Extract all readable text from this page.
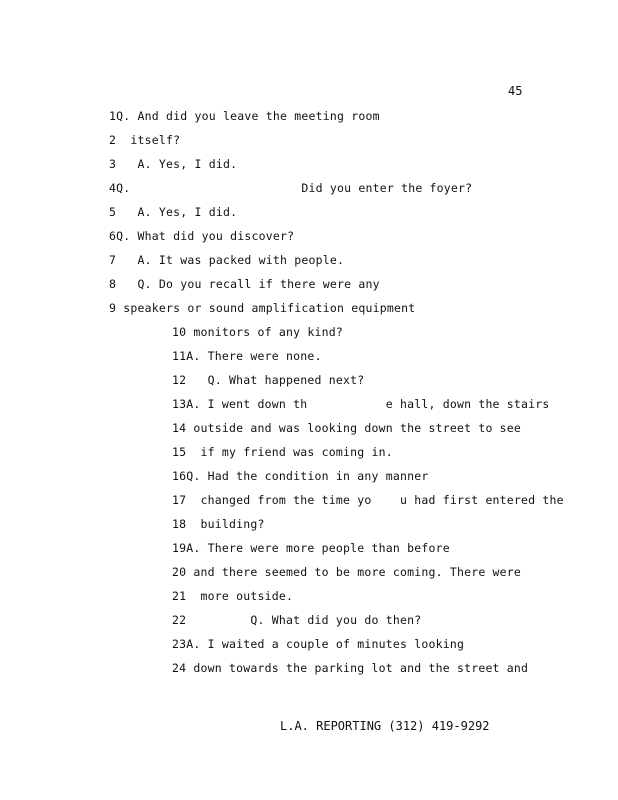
45
1Q. And did you leave the meeting room
2  itself?
3   A. Yes, I did.
4Q.                        Did you enter the foyer?
5   A. Yes, I did.
6Q. What did you discover?
7   A. It was packed with people.
8   Q. Do you recall if there were any
9 speakers or sound amplification equipment
10 monitors of any kind?
11A. There were none.
12   Q. What happened next?
13A. I went down th           e hall, down the stairs
14 outside and was looking down the street to see
15  if my friend was coming in.
16Q. Had the condition in any manner
17  changed from the time yo    u had first entered the
18  building?
19A. There were more people than before
20 and there seemed to be more coming. There were
21  more outside.
22         Q. What did you do then?
23A. I waited a couple of minutes looking
24 down towards the parking lot and the street and
L.A. REPORTING (312) 419-9292
